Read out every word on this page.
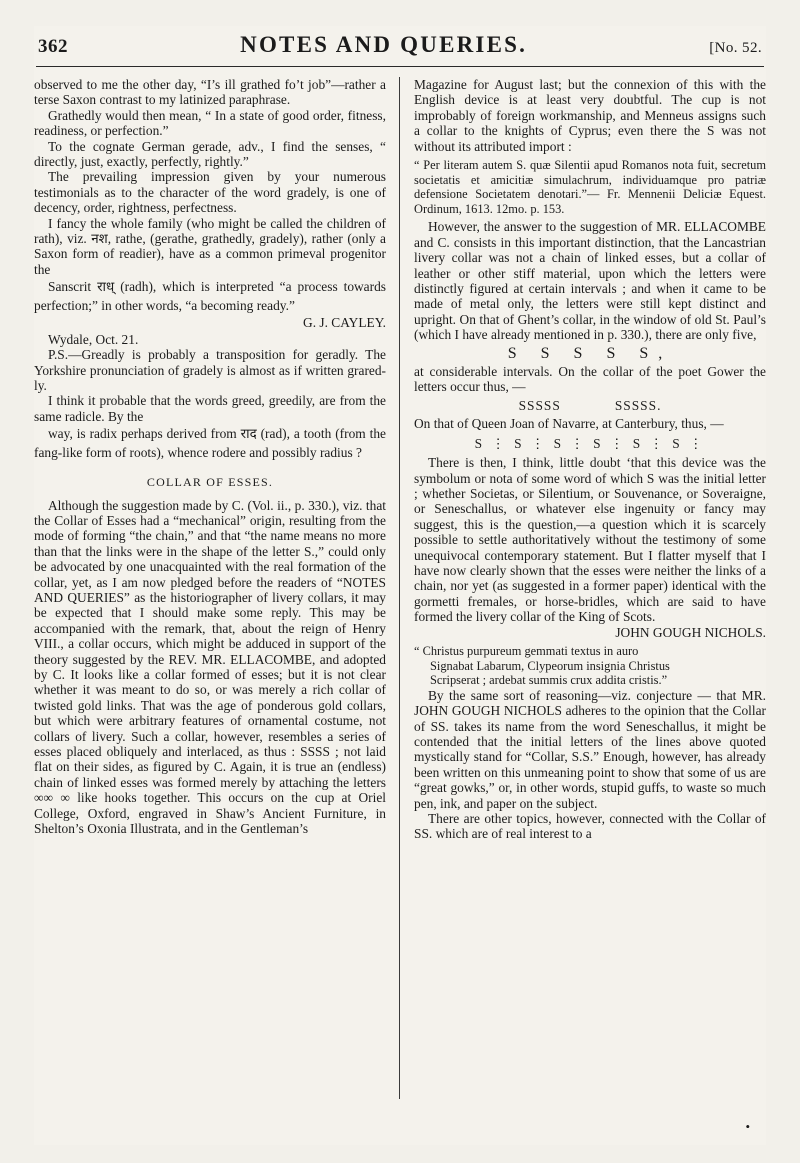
362	NOTES AND QUERIES.	[No. 52.

observed to me the other day, “I’s ill grathed fo’t job”—rather a terse Saxon contrast to my latinized paraphrase.

Grathedly would then mean, “ In a state of good order, fitness, readiness, or perfection.”

To the cognate German gerade, adv., I find the senses, “ directly, just, exactly, perfectly, rightly.”

The prevailing impression given by your numerous testimonials as to the character of the word gradely, is one of decency, order, rightness, perfectness.

I fancy the whole family (who might be called the children of rath), viz. नश, rathe, (gerathe, grathedly, gradely), rather (only a Saxon form of readier), have as a common primeval progenitor the

Sanscrit राध् (radh), which is interpreted “a process towards perfection;” in other words, “a becoming ready.”

G. J. CAYLEY.

Wydale, Oct. 21.

P.S.—Greadly is probably a transposition for geradly. The Yorkshire pronunciation of gradely is almost as if written grared-ly.

I think it probable that the words greed, greedily, are from the same radicle. By the

way, is radix perhaps derived from राद (rad), a tooth (from the fang-like form of roots), whence rodere and possibly radius ?

COLLAR OF ESSES.

Although the suggestion made by C. (Vol. ii., p. 330.), viz. that the Collar of Esses had a “mechanical” origin, resulting from the mode of forming “the chain,” and that “the name means no more than that the links were in the shape of the letter S.,” could only be advocated by one unacquainted with the real formation of the collar, yet, as I am now pledged before the readers of “NOTES AND QUERIES” as the historiographer of livery collars, it may be expected that I should make some reply. This may be accompanied with the remark, that, about the reign of Henry VIII., a collar occurs, which might be adduced in support of the theory suggested by the REV. MR. ELLACOMBE, and adopted by C. It looks like a collar formed of esses; but it is not clear whether it was meant to do so, or was merely a rich collar of twisted gold links. That was the age of ponderous gold collars, but which were arbitrary features of ornamental costume, not collars of livery. Such a collar, however, resembles a series of esses placed obliquely and interlaced, as thus : SSSS ; not laid flat on their sides, as figured by C. Again, it is true an (endless) chain of linked esses was formed merely by attaching the letters ∞∞ ∞ like hooks together. This occurs on the cup at Oriel College, Oxford, engraved in Shaw’s Ancient Furniture, in Shelton’s Oxonia Illustrata, and in the Gentleman’s

Magazine for August last; but the connexion of this with the English device is at least very doubtful. The cup is not improbably of foreign workmanship, and Menneus assigns such a collar to the knights of Cyprus; even there the S was not without its attributed import :

“ Per literam autem S. quæ Silentii apud Romanos nota fuit, secretum societatis et amicitiæ simulachrum, individuamque pro patriæ defensione Societatem denotari.”— Fr. Mennenii Deliciæ Equest. Ordinum, 1613. 12mo. p. 153.

However, the answer to the suggestion of MR. ELLACOMBE and C. consists in this important distinction, that the Lancastrian livery collar was not a chain of linked esses, but a collar of leather or other stiff material, upon which the letters were distinctly figured at certain intervals ; and when it came to be made of metal only, the letters were still kept distinct and upright. On that of Ghent’s collar, in the window of old St. Paul’s (which I have already mentioned in p. 330.), there are only five,

S S S S S,

at considerable intervals. On the collar of the poet Gower the letters occur thus, —

SSSSS	SSSSS.

On that of Queen Joan of Navarre, at Canterbury, thus, —

S ⋮ S ⋮ S ⋮ S ⋮ S ⋮ S ⋮

There is then, I think, little doubt ‘that this device was the symbolum or nota of some word of which S was the initial letter ; whether Societas, or Silentium, or Souvenance, or Soveraigne, or Seneschallus, or whatever else ingenuity or fancy may suggest, this is the question,—a question which it is scarcely possible to settle authoritatively without the testimony of some unequivocal contemporary statement. But I flatter myself that I have now clearly shown that the esses were neither the links of a chain, nor yet (as suggested in a former paper) identical with the gormetti fremales, or horse-bridles, which are said to have formed the livery collar of the King of Scots.

JOHN GOUGH NICHOLS.

“ Christus purpureum gemmati textus in auro
Signabat Labarum, Clypeorum insignia Christus
Scripserat ; ardebat summis crux addita cristis.”

By the same sort of reasoning—viz. conjecture — that MR. JOHN GOUGH NICHOLS adheres to the opinion that the Collar of SS. takes its name from the word Seneschallus, it might be contended that the initial letters of the lines above quoted mystically stand for “Collar, S.S.” Enough, however, has already been written on this unmeaning point to show that some of us are “great gowks,” or, in other words, stupid guffs, to waste so much pen, ink, and paper on the subject.

There are other topics, however, connected with the Collar of SS. which are of real interest to a

•
